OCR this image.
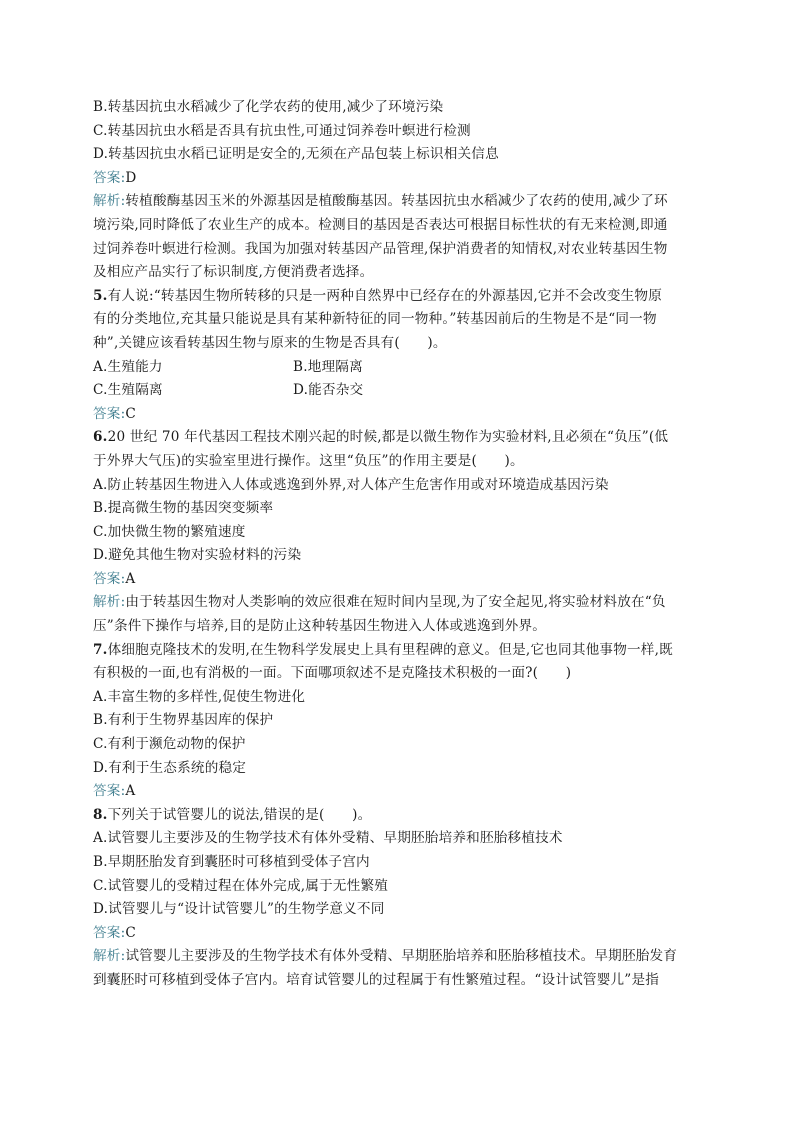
B.转基因抗虫水稻减少了化学农药的使用,减少了环境污染
C.转基因抗虫水稻是否具有抗虫性,可通过饲养卷叶螟进行检测
D.转基因抗虫水稻已证明是安全的,无须在产品包装上标识相关信息
答案:D
解析:转植酸酶基因玉米的外源基因是植酸酶基因。转基因抗虫水稻减少了农药的使用,减少了环
境污染,同时降低了农业生产的成本。检测目的基因是否表达可根据目标性状的有无来检测,即通
过饲养卷叶螟进行检测。我国为加强对转基因产品管理,保护消费者的知情权,对农业转基因生物
及相应产品实行了标识制度,方便消费者选择。
5.有人说:“转基因生物所转移的只是一两种自然界中已经存在的外源基因,它并不会改变生物原
有的分类地位,充其量只能说是具有某种新特征的同一物种。”转基因前后的生物是不是“同一物
种”,关键应该看转基因生物与原来的生物是否具有(　　)。
A.生殖能力	B.地理隔离
C.生殖隔离	D.能否杂交
答案:C
6.20 世纪 70 年代基因工程技术刚兴起的时候,都是以微生物作为实验材料,且必须在“负压”(低
于外界大气压)的实验室里进行操作。这里“负压”的作用主要是(　　)。
A.防止转基因生物进入人体或逃逸到外界,对人体产生危害作用或对环境造成基因污染
B.提高微生物的基因突变频率
C.加快微生物的繁殖速度
D.避免其他生物对实验材料的污染
答案:A
解析:由于转基因生物对人类影响的效应很难在短时间内呈现,为了安全起见,将实验材料放在“负
压”条件下操作与培养,目的是防止这种转基因生物进入人体或逃逸到外界。
7.体细胞克隆技术的发明,在生物科学发展史上具有里程碑的意义。但是,它也同其他事物一样,既
有积极的一面,也有消极的一面。下面哪项叙述不是克隆技术积极的一面?(　　)
A.丰富生物的多样性,促使生物进化
B.有利于生物界基因库的保护
C.有利于濒危动物的保护
D.有利于生态系统的稳定
答案:A
8.下列关于试管婴儿的说法,错误的是(　　)。
A.试管婴儿主要涉及的生物学技术有体外受精、早期胚胎培养和胚胎移植技术
B.早期胚胎发育到囊胚时可移植到受体子宫内
C.试管婴儿的受精过程在体外完成,属于无性繁殖
D.试管婴儿与“设计试管婴儿”的生物学意义不同
答案:C
解析:试管婴儿主要涉及的生物学技术有体外受精、早期胚胎培养和胚胎移植技术。早期胚胎发育
到囊胚时可移植到受体子宫内。培育试管婴儿的过程属于有性繁殖过程。“设计试管婴儿”是指
